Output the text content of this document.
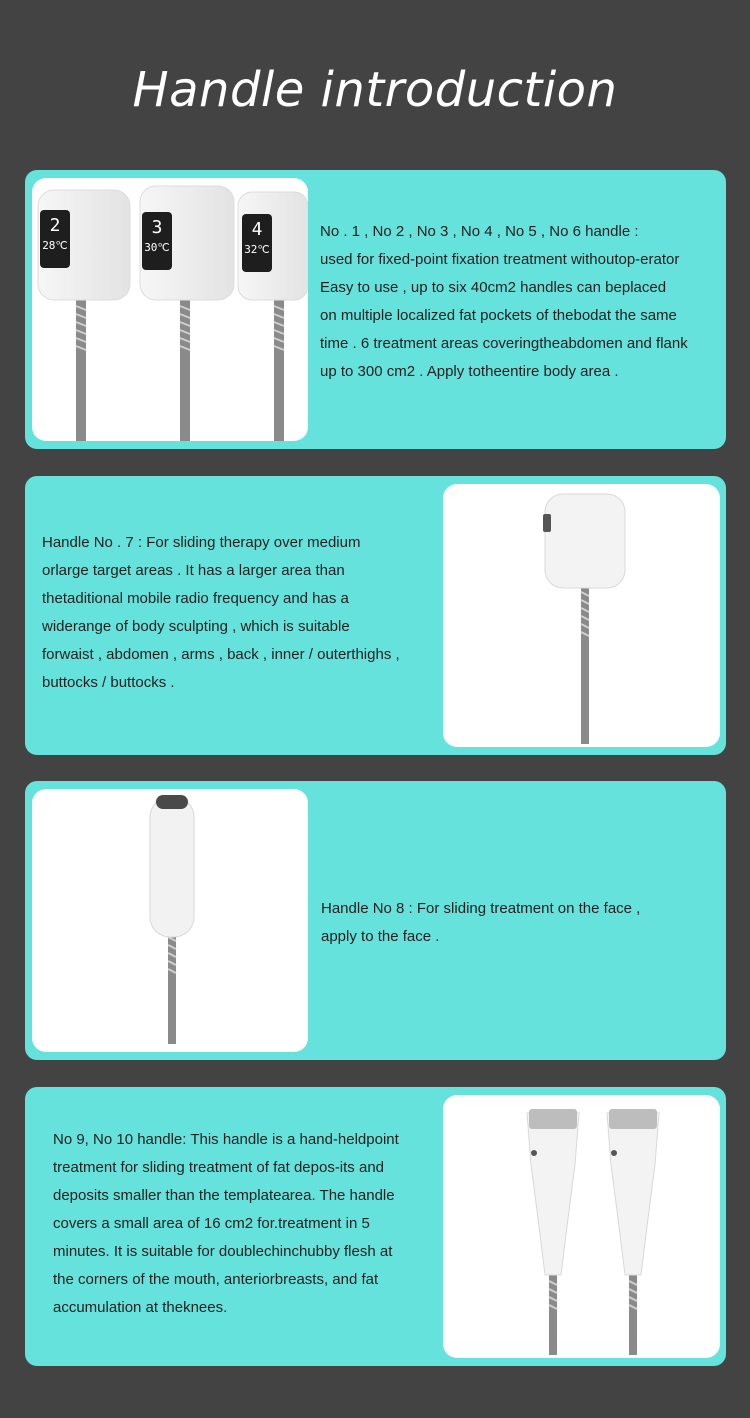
Handle introduction
2
28℃
3
30℃
4
32℃
No . 1 , No 2 , No 3 , No 4 , No 5 , No 6 handle :
used for fixed-point fixation treatment withoutop-erator
Easy to use , up to six 40cm2 handles can beplaced
on multiple localized fat pockets of thebodat the same
time . 6 treatment areas coveringtheabdomen and flank
up to 300 cm2 . Apply totheentire body area .
Handle No . 7 : For sliding therapy over medium
orlarge target areas . It has a larger area than
thetaditional mobile radio frequency and has a
widerange of body sculpting , which is suitable
forwaist , abdomen , arms , back , inner / outerthighs ,
buttocks / buttocks .
Handle No 8 : For sliding treatment on the face ,
apply to the face .
No 9, No 10 handle: This handle is a hand-heldpoint
treatment for sliding treatment of fat depos-its and
deposits smaller than the templatearea. The handle
covers a small area of 16 cm2 for.treatment in 5
minutes. It is suitable for doublechinchubby flesh at
the corners of the mouth, anteriorbreasts, and fat
accumulation at theknees.
